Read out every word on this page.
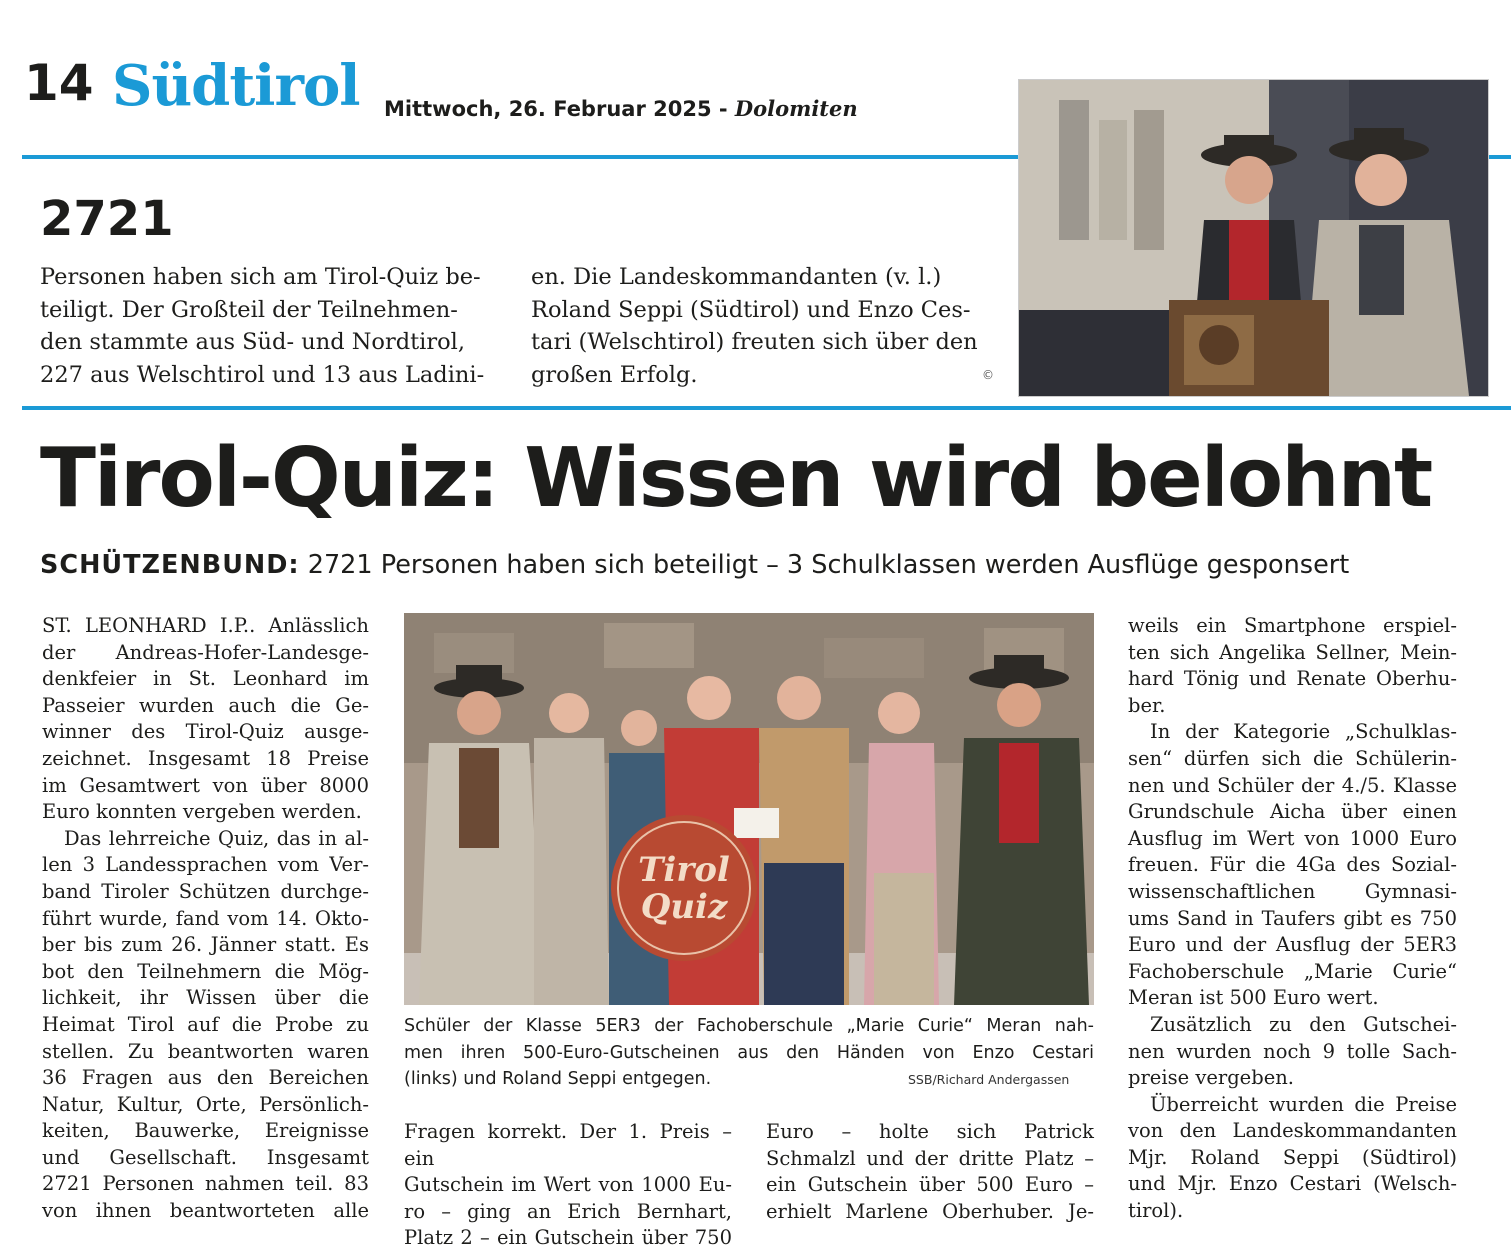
14 Südtirol Mittwoch, 26. Februar 2025 - Dolomiten
2721

Personen haben sich am Tirol-Quiz be-

teiligt. Der Großteil der Teilnehmen-

den stammte aus Süd- und Nordtirol,

227 aus Welschtirol und 13 aus Ladini-

en. Die Landeskommandanten (v. l.)

Roland Seppi (Südtirol) und Enzo Ces-

tari (Welschtirol) freuten sich über den

großen Erfolg.	©
Tirol-Quiz: Wissen wird belohnt
SCHÜTZENBUND: 2721 Personen haben sich beteiligt – 3 Schulklassen werden Ausflüge gesponsert

ST. LEONHARD I.P.. Anlässlich

der Andreas-Hofer-Landesge-

denkfeier in St. Leonhard im

Passeier wurden auch die Ge-

winner des Tirol-Quiz ausge-

zeichnet. Insgesamt 18 Preise

im Gesamtwert von über 8000

Euro konnten vergeben werden.

Das lehrreiche Quiz, das in al-

len 3 Landessprachen vom Ver-

band Tiroler Schützen durchge-

führt wurde, fand vom 14. Okto-

ber bis zum 26. Jänner statt. Es

bot den Teilnehmern die Mög-

lichkeit, ihr Wissen über die

Heimat Tirol auf die Probe zu

stellen. Zu beantworten waren

36 Fragen aus den Bereichen

Natur, Kultur, Orte, Persönlich-

keiten, Bauwerke, Ereignisse

und Gesellschaft. Insgesamt

2721 Personen nahmen teil. 83

von ihnen beantworteten alle

Tirol
Quiz

Schüler der Klasse 5ER3 der Fachoberschule „Marie Curie“ Meran nah-

men ihren 500-Euro-Gutscheinen aus den Händen von Enzo Cestari

(links) und Roland Seppi entgegen.	SSB/Richard Andergassen

Fragen korrekt. Der 1. Preis – ein

Gutschein im Wert von 1000 Eu-

ro – ging an Erich Bernhart,

Platz 2 – ein Gutschein über 750

Euro – holte sich Patrick

Schmalzl und der dritte Platz –

ein Gutschein über 500 Euro –

erhielt Marlene Oberhuber. Je-

weils ein Smartphone erspiel-

ten sich Angelika Sellner, Mein-

hard Tönig und Renate Oberhu-

ber.

In der Kategorie „Schulklas-

sen“ dürfen sich die Schülerin-

nen und Schüler der 4./5. Klasse

Grundschule Aicha über einen

Ausflug im Wert von 1000 Euro

freuen. Für die 4Ga des Sozial-

wissenschaftlichen Gymnasi-

ums Sand in Taufers gibt es 750

Euro und der Ausflug der 5ER3

Fachoberschule „Marie Curie“

Meran ist 500 Euro wert.

Zusätzlich zu den Gutschei-

nen wurden noch 9 tolle Sach-

preise vergeben.

Überreicht wurden die Preise

von den Landeskommandanten

Mjr. Roland Seppi (Südtirol)

und Mjr. Enzo Cestari (Welsch-

tirol).
